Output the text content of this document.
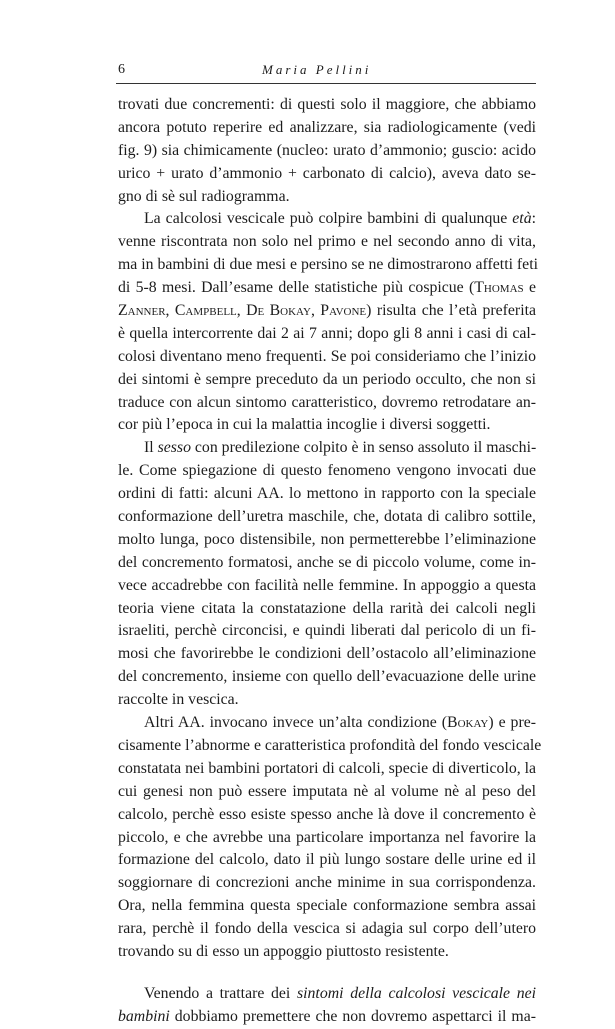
6	Maria Pellini
trovati due concrementi: di questi solo il maggiore, che abbiamo
ancora potuto reperire ed analizzare, sia radiologicamente (vedi
fig. 9) sia chimicamente (nucleo: urato d’ammonio; guscio: acido
urico + urato d’ammonio + carbonato di calcio), aveva dato se-
gno di sè sul radiogramma.
La calcolosi vescicale può colpire bambini di qualunque età:
venne riscontrata non solo nel primo e nel secondo anno di vita,
ma in bambini di due mesi e persino se ne dimostrarono affetti feti
di 5-8 mesi. Dall’esame delle statistiche più cospicue (Thomas e
Zanner, Campbell, De Bokay, Pavone) risulta che l’età preferita
è quella intercorrente dai 2 ai 7 anni; dopo gli 8 anni i casi di cal-
colosi diventano meno frequenti. Se poi consideriamo che l’inizio
dei sintomi è sempre preceduto da un periodo occulto, che non si
traduce con alcun sintomo caratteristico, dovremo retrodatare an-
cor più l’epoca in cui la malattia incoglie i diversi soggetti.
Il sesso con predilezione colpito è in senso assoluto il maschi-
le. Come spiegazione di questo fenomeno vengono invocati due
ordini di fatti: alcuni AA. lo mettono in rapporto con la speciale
conformazione dell’uretra maschile, che, dotata di calibro sottile,
molto lunga, poco distensibile, non permetterebbe l’eliminazione
del concremento formatosi, anche se di piccolo volume, come in-
vece accadrebbe con facilità nelle femmine. In appoggio a questa
teoria viene citata la constatazione della rarità dei calcoli negli
israeliti, perchè circoncisi, e quindi liberati dal pericolo di un fi-
mosi che favorirebbe le condizioni dell’ostacolo all’eliminazione
del concremento, insieme con quello dell’evacuazione delle urine
raccolte in vescica.
Altri AA. invocano invece un’alta condizione (Bokay) e pre-
cisamente l’abnorme e caratteristica profondità del fondo vescicale
constatata nei bambini portatori di calcoli, specie di diverticolo, la
cui genesi non può essere imputata nè al volume nè al peso del
calcolo, perchè esso esiste spesso anche là dove il concremento è
piccolo, e che avrebbe una particolare importanza nel favorire la
formazione del calcolo, dato il più lungo sostare delle urine ed il
soggiornare di concrezioni anche minime in sua corrispondenza.
Ora, nella femmina questa speciale conformazione sembra assai
rara, perchè il fondo della vescica si adagia sul corpo dell’utero
trovando su di esso un appoggio piuttosto resistente.
Venendo a trattare dei sintomi della calcolosi vescicale nei
bambini dobbiamo premettere che non dovremo aspettarci il ma-
